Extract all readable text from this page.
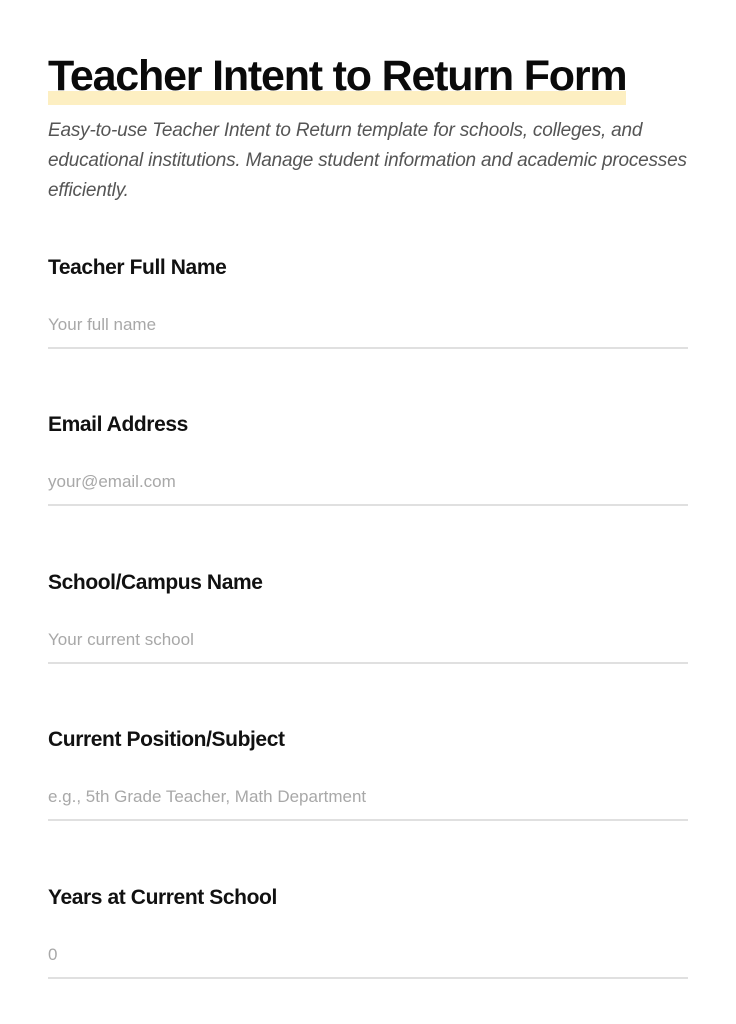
Teacher Intent to Return Form

Easy-to-use Teacher Intent to Return template for schools, colleges, and educational institutions. Manage student information and academic processes efficiently.

Teacher Full Name
Your full name
Email Address
your@email.com
School/Campus Name
Your current school
Current Position/Subject
e.g., 5th Grade Teacher, Math Department
Years at Current School
0
